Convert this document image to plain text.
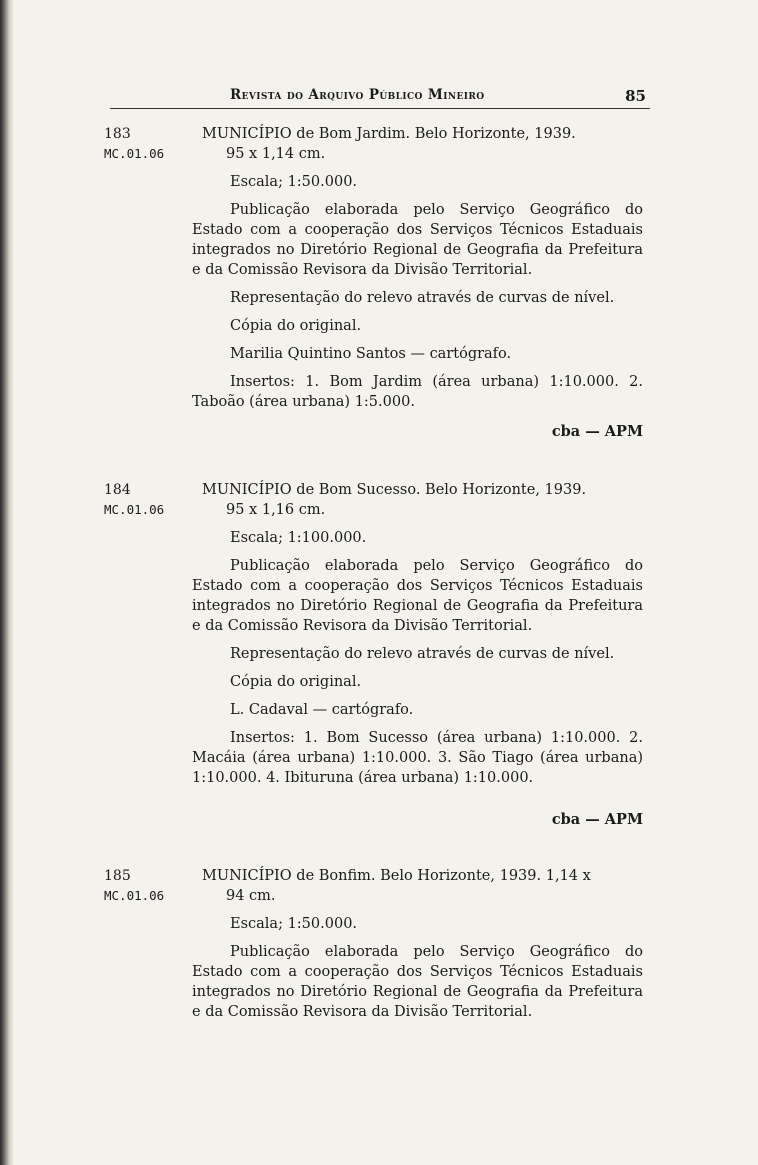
Revista do Arquivo Público Mineiro	85
183
MC.01.06

MUNICÍPIO de Bom Jardim. Belo Horizonte, 1939.

95 x 1,14 cm.

Escala; 1:50.000.

Publicação elaborada pelo Serviço Geográfico do Estado com a cooperação dos Serviços Técnicos Estaduais integrados no Diretório Regional de Geografia da Prefeitura e da Comissão Revisora da Divisão Territorial.

Representação do relevo através de curvas de nível.

Cópia do original.

Marilia Quintino Santos — cartógrafo.

Insertos: 1. Bom Jardim (área urbana) 1:10.000. 2. Taboão (área urbana) 1:5.000.

cba — APM

184
MC.01.06

MUNICÍPIO de Bom Sucesso. Belo Horizonte, 1939.

95 x 1,16 cm.

Escala; 1:100.000.

Publicação elaborada pelo Serviço Geográfico do Estado com a cooperação dos Serviços Técnicos Estaduais integrados no Diretório Regional de Geografia da Prefeitura e da Comissão Revisora da Divisão Territorial.

Representação do relevo através de curvas de nível.

Cópia do original.

L. Cadaval — cartógrafo.

Insertos: 1. Bom Sucesso (área urbana) 1:10.000. 2. Macáia (área urbana) 1:10.000. 3. São Tiago (área urbana) 1:10.000. 4. Ibituruna (área urbana) 1:10.000.

cba — APM

185
MC.01.06

MUNICÍPIO de Bonfim. Belo Horizonte, 1939. 1,14 x

94 cm.

Escala; 1:50.000.

Publicação elaborada pelo Serviço Geográfico do Estado com a cooperação dos Serviços Técnicos Estaduais integrados no Diretório Regional de Geografia da Prefeitura e da Comissão Revisora da Divisão Territorial.
